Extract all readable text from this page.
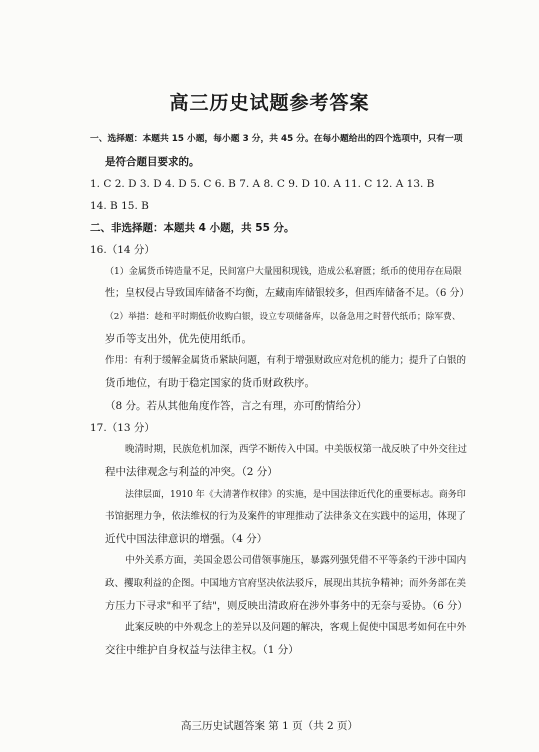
高三历史试题参考答案
一、选择题：本题共 15 小题，每小题 3 分，共 45 分。在每小题给出的四个选项中，只有一项
是符合题目要求的。
1. C 2. D 3. D 4. D 5. C 6. B 7. A 8. C 9. D 10. A 11. C 12. A 13. B
14. B 15. B
二、非选择题：本题共 4 小题，共 55 分。
16.（14 分）
（1）金属货币铸造量不足，民间富户大量囤积现钱，造成公私窘匮；纸币的使用存在局限
性；皇权侵占导致国库储备不均衡，左藏南库储银较多，但西库储备不足。（6 分）
（2）举措：趁和平时期低价收购白银，设立专项储备库，以备急用之时替代纸币；除军费、
岁币等支出外，优先使用纸币。
作用：有利于缓解金属货币紧缺问题，有利于增强财政应对危机的能力；提升了白银的
货币地位，有助于稳定国家的货币财政秩序。
（8 分。若从其他角度作答，言之有理，亦可酌情给分）
17.（13 分）
晚清时期，民族危机加深，西学不断传入中国。中美版权第一战反映了中外交往过
程中法律观念与利益的冲突。（2 分）
法律层面，1910 年《大清著作权律》的实施，是中国法律近代化的重要标志。商务印
书馆据理力争，依法维权的行为及案件的审理推动了法律条文在实践中的运用，体现了
近代中国法律意识的增强。（4 分）
中外关系方面，美国金恩公司借领事施压，暴露列强凭借不平等条约干涉中国内
政、攫取利益的企图。中国地方官府坚决依法驳斥，展现出其抗争精神；而外务部在美
方压力下寻求"和平了结"，则反映出清政府在涉外事务中的无奈与妥协。（6 分）
此案反映的中外观念上的差异以及问题的解决，客观上促使中国思考如何在中外
交往中维护自身权益与法律主权。（1 分）
高三历史试题答案 第 1 页（共 2 页）
